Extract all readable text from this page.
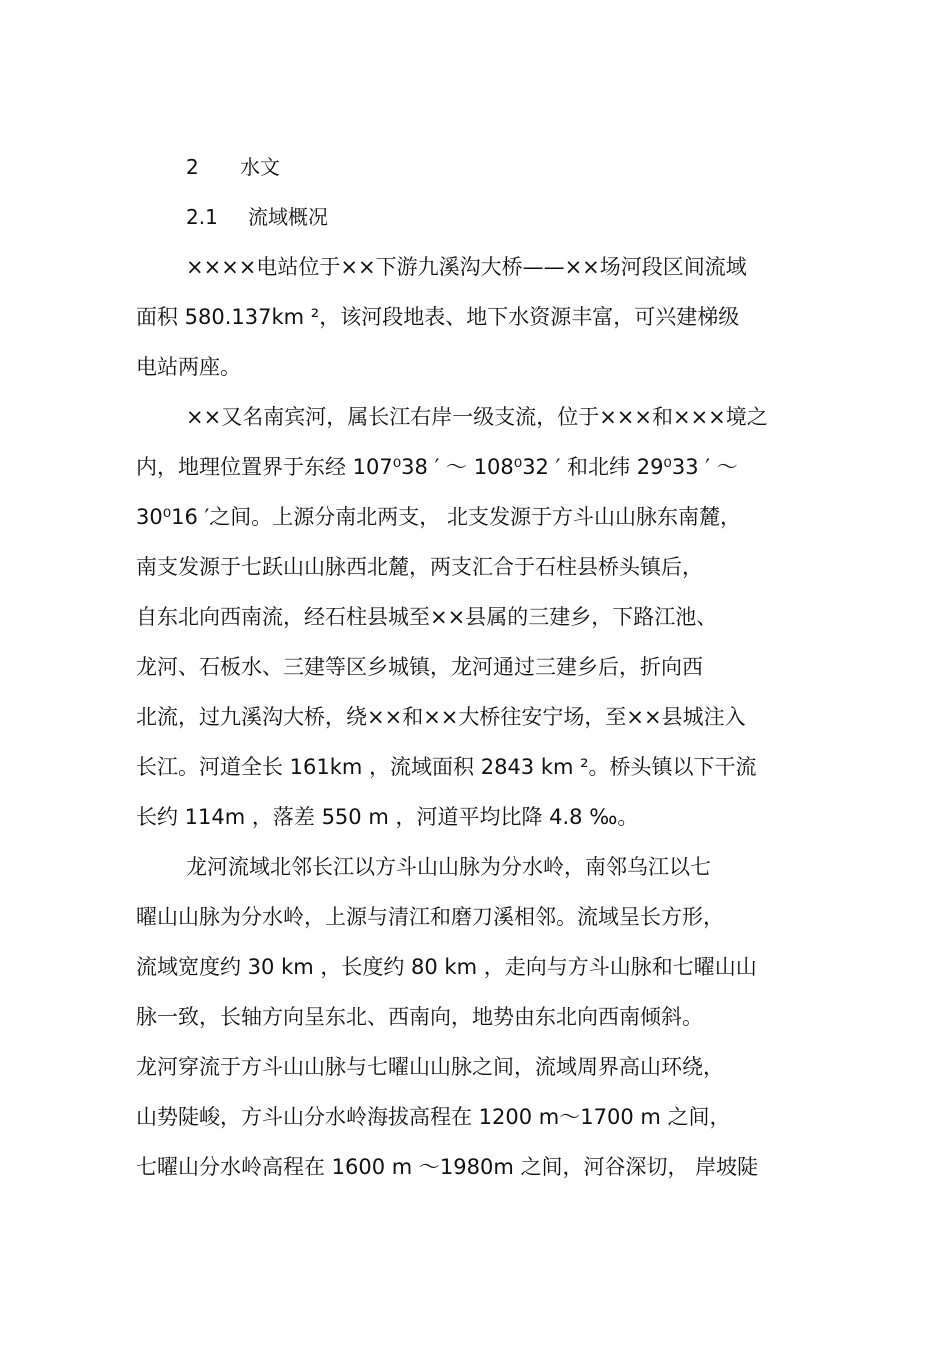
2 水文
2.1 流域概况
××××电站位于××下游九溪沟大桥——××场河段区间流域
面积 580.137km ²，该河段地表、地下水资源丰富，可兴建梯级
电站两座。
××又名南宾河，属长江右岸一级支流，位于×××和×××境之
内，地理位置界于东经 107⁰38 ′ ～ 108⁰32 ′ 和北纬 29⁰33 ′ ～
30⁰16 ′之间。上源分南北两支， 北支发源于方斗山山脉东南麓，
南支发源于七跃山山脉西北麓，两支汇合于石柱县桥头镇后，
自东北向西南流，经石柱县城至××县属的三建乡，下路江池、
龙河、石板水、三建等区乡城镇，龙河通过三建乡后，折向西
北流，过九溪沟大桥，绕××和××大桥往安宁场，至××县城注入
长江。河道全长 161km ，流域面积 2843 km ²。桥头镇以下干流
长约 114m ，落差 550 m ，河道平均比降 4.8 ‰。
龙河流域北邻长江以方斗山山脉为分水岭，南邻乌江以七
曜山山脉为分水岭，上源与清江和磨刀溪相邻。流域呈长方形，
流域宽度约 30 km ，长度约 80 km ，走向与方斗山脉和七曜山山
脉一致，长轴方向呈东北、西南向，地势由东北向西南倾斜。
龙河穿流于方斗山山脉与七曜山山脉之间，流域周界高山环绕，
山势陡峻，方斗山分水岭海拔高程在 1200 m～1700 m 之间，
七曜山分水岭高程在 1600 m ～1980m 之间，河谷深切， 岸坡陡
